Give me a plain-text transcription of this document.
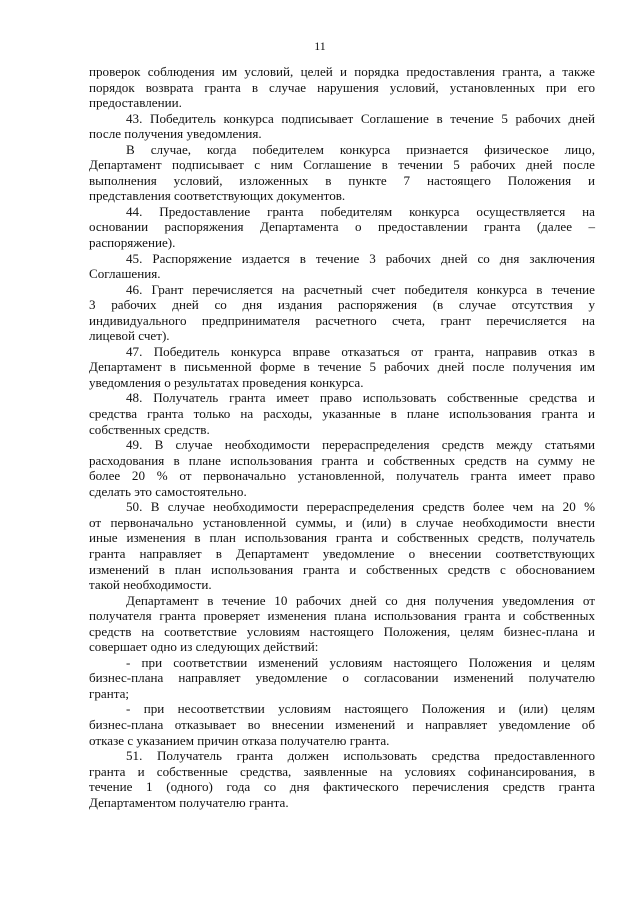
11
проверок соблюдения им условий, целей и порядка предоставления гранта, а также
порядок возврата гранта в случае нарушения условий, установленных при его
предоставлении.
43. Победитель конкурса подписывает Соглашение в течение 5 рабочих дней
после получения уведомления.
В случае, когда победителем конкурса признается физическое лицо,
Департамент подписывает с ним Соглашение в течении 5 рабочих дней после
выполнения условий, изложенных в пункте 7 настоящего Положения и
представления соответствующих документов.
44. Предоставление гранта победителям конкурса осуществляется на
основании распоряжения Департамента о предоставлении гранта (далее –
распоряжение).
45. Распоряжение издается в течение 3 рабочих дней со дня заключения
Соглашения.
46. Грант перечисляется на расчетный счет победителя конкурса в течение
3 рабочих дней со дня издания распоряжения (в случае отсутствия у
индивидуального предпринимателя расчетного счета, грант перечисляется на
лицевой счет).
47. Победитель конкурса вправе отказаться от гранта, направив отказ в
Департамент в письменной форме в течение 5 рабочих дней после получения им
уведомления о результатах проведения конкурса.
48. Получатель гранта имеет право использовать собственные средства и
средства гранта только на расходы, указанные в плане использования гранта и
собственных средств.
49. В случае необходимости перераспределения средств между статьями
расходования в плане использования гранта и собственных средств на сумму не
более 20 % от первоначально установленной, получатель гранта имеет право
сделать это самостоятельно.
50. В случае необходимости перераспределения средств более чем на 20 %
от первоначально установленной суммы, и (или) в случае необходимости внести
иные изменения в план использования гранта и собственных средств, получатель
гранта направляет в Департамент уведомление о внесении соответствующих
изменений в план использования гранта и собственных средств с обоснованием
такой необходимости.
Департамент в течение 10 рабочих дней со дня получения уведомления от
получателя гранта проверяет изменения плана использования гранта и собственных
средств на соответствие условиям настоящего Положения, целям бизнес-плана и
совершает одно из следующих действий:
- при соответствии изменений условиям настоящего Положения и целям
бизнес-плана направляет уведомление о согласовании изменений получателю
гранта;
- при несоответствии условиям настоящего Положения и (или) целям
бизнес-плана отказывает во внесении изменений и направляет уведомление об
отказе с указанием причин отказа получателю гранта.
51. Получатель гранта должен использовать средства предоставленного
гранта и собственные средства, заявленные на условиях софинансирования, в
течение 1 (одного) года со дня фактического перечисления средств гранта
Департаментом получателю гранта.
